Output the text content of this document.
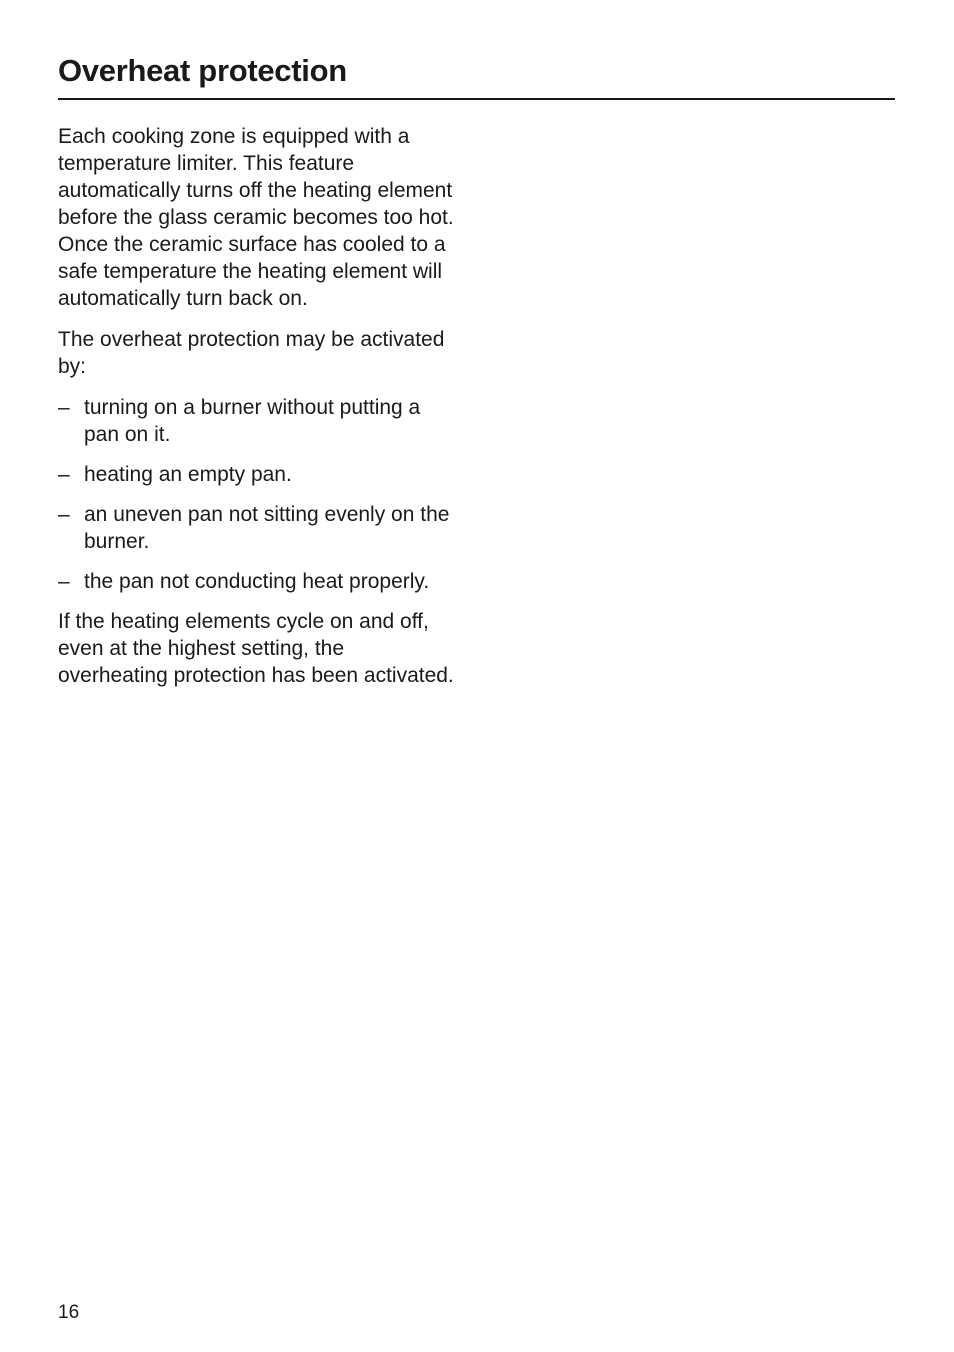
Overheat protection

Each cooking zone is equipped with a temperature limiter. This feature automatically turns off the heating element before the glass ceramic becomes too hot. Once the ceramic surface has cooled to a safe temperature the heating element will automatically turn back on.

The overheat protection may be activated by:

– turning on a burner without putting a pan on it.
– heating an empty pan.
– an uneven pan not sitting evenly on the burner.
– the pan not conducting heat properly.

If the heating elements cycle on and off, even at the highest setting, the overheating protection has been activated.

16
